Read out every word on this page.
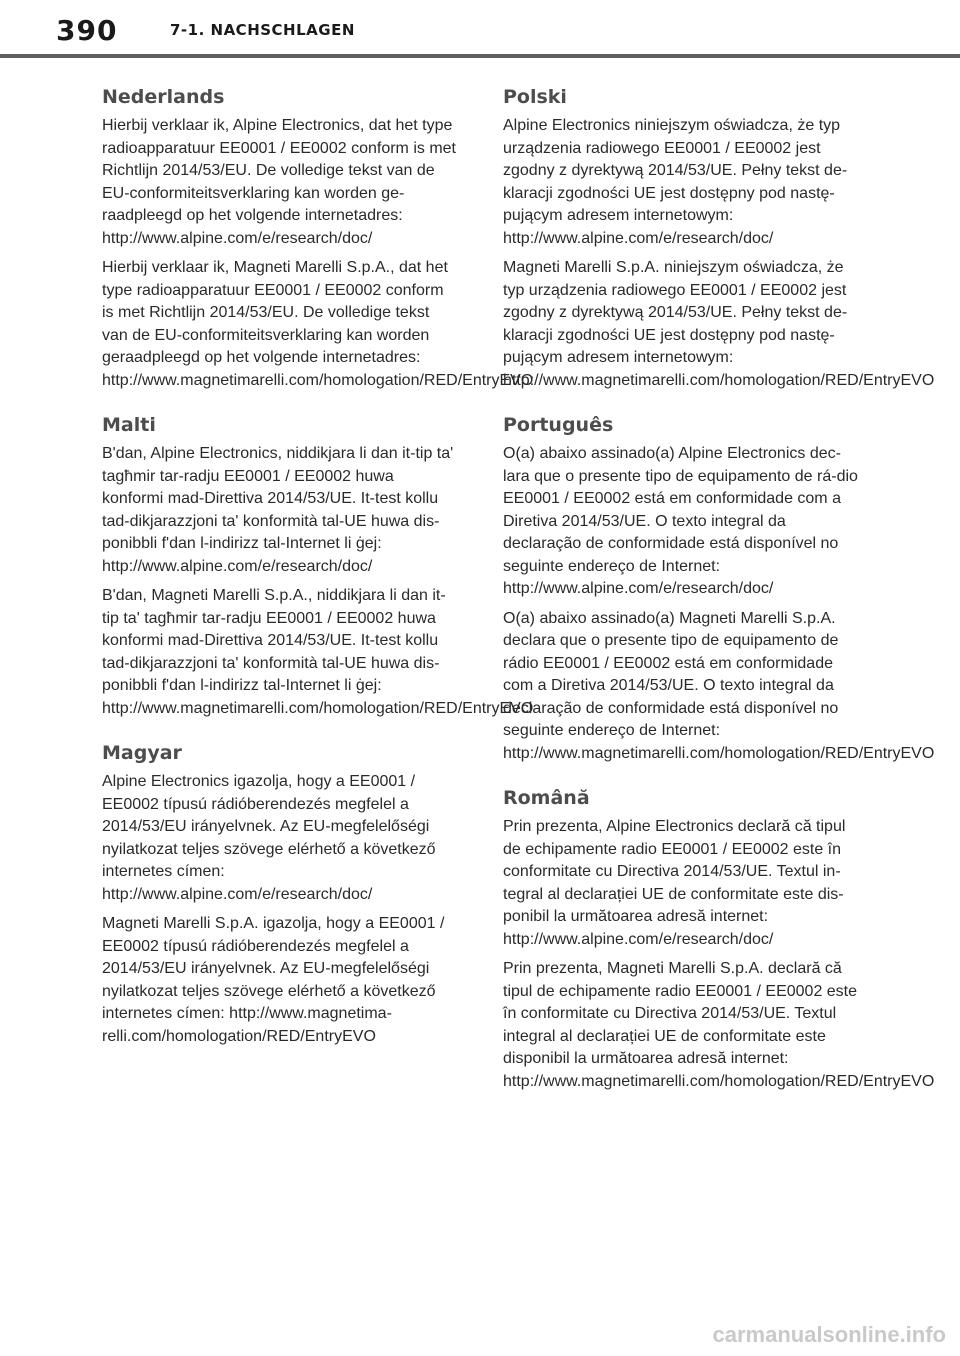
390	7-1. NACHSCHLAGEN
Nederlands

Hierbij verklaar ik, Alpine Electronics, dat het type radioapparatuur EE0001 / EE0002 conform is met Richtlijn 2014/53/EU. De volledige tekst van de EU-conformiteitsverklaring kan worden ge-raadpleegd op het volgende internetadres: http://www.alpine.com/e/research/doc/

Hierbij verklaar ik, Magneti Marelli S.p.A., dat het type radioapparatuur EE0001 / EE0002 conform is met Richtlijn 2014/53/EU. De volledige tekst van de EU-conformiteitsverklaring kan worden geraadpleegd op het volgende internetadres: http://www.magnetimarelli.com/homologation/RED/EntryEVO

Malti

B'dan, Alpine Electronics, niddikjara li dan it-tip ta' tagħmir tar-radju EE0001 / EE0002 huwa konformi mad-Direttiva 2014/53/UE. It-test kollu tad-dikjarazzjoni ta' konformità tal-UE huwa dis-ponibbli f'dan l-indirizz tal-Internet li ġej: http://www.alpine.com/e/research/doc/

B'dan, Magneti Marelli S.p.A., niddikjara li dan it-tip ta' tagħmir tar-radju EE0001 / EE0002 huwa konformi mad-Direttiva 2014/53/UE. It-test kollu tad-dikjarazzjoni ta' konformità tal-UE huwa dis-ponibbli f'dan l-indirizz tal-Internet li ġej: http://www.magnetimarelli.com/homologation/RED/EntryEVO

Magyar

Alpine Electronics igazolja, hogy a EE0001 / EE0002 típusú rádióberendezés megfelel a 2014/53/EU irányelvnek. Az EU-megfelelőségi nyilatkozat teljes szövege elérhető a következő internetes címen: http://www.alpine.com/e/research/doc/

Magneti Marelli S.p.A. igazolja, hogy a EE0001 / EE0002 típusú rádióberendezés megfelel a 2014/53/EU irányelvnek. Az EU-megfelelőségi nyilatkozat teljes szövege elérhető a következő internetes címen: http://www.magnetima-relli.com/homologation/RED/EntryEVO

Polski

Alpine Electronics niniejszym oświadcza, że typ urządzenia radiowego EE0001 / EE0002 jest zgodny z dyrektywą 2014/53/UE. Pełny tekst de-klaracji zgodności UE jest dostępny pod nastę-pującym adresem internetowym: http://www.alpine.com/e/research/doc/

Magneti Marelli S.p.A. niniejszym oświadcza, że typ urządzenia radiowego EE0001 / EE0002 jest zgodny z dyrektywą 2014/53/UE. Pełny tekst de-klaracji zgodności UE jest dostępny pod nastę-pującym adresem internetowym: http://www.magnetimarelli.com/homologation/RED/EntryEVO

Português

O(a) abaixo assinado(a) Alpine Electronics dec-lara que o presente tipo de equipamento de rá-dio EE0001 / EE0002 está em conformidade com a Diretiva 2014/53/UE. O texto integral da declaração de conformidade está disponível no seguinte endereço de Internet: http://www.alpine.com/e/research/doc/

O(a) abaixo assinado(a) Magneti Marelli S.p.A. declara que o presente tipo de equipamento de rádio EE0001 / EE0002 está em conformidade com a Diretiva 2014/53/UE. O texto integral da declaração de conformidade está disponível no seguinte endereço de Internet: http://www.magnetimarelli.com/homologation/RED/EntryEVO

Română

Prin prezenta, Alpine Electronics declară că tipul de echipamente radio EE0001 / EE0002 este în conformitate cu Directiva 2014/53/UE. Textul in-tegral al declarației UE de conformitate este dis-ponibil la următoarea adresă internet: http://www.alpine.com/e/research/doc/

Prin prezenta, Magneti Marelli S.p.A. declară că tipul de echipamente radio EE0001 / EE0002 este în conformitate cu Directiva 2014/53/UE. Textul integral al declarației UE de conformitate este disponibil la următoarea adresă internet: http://www.magnetimarelli.com/homologation/RED/EntryEVO

carmanualsonline.info
